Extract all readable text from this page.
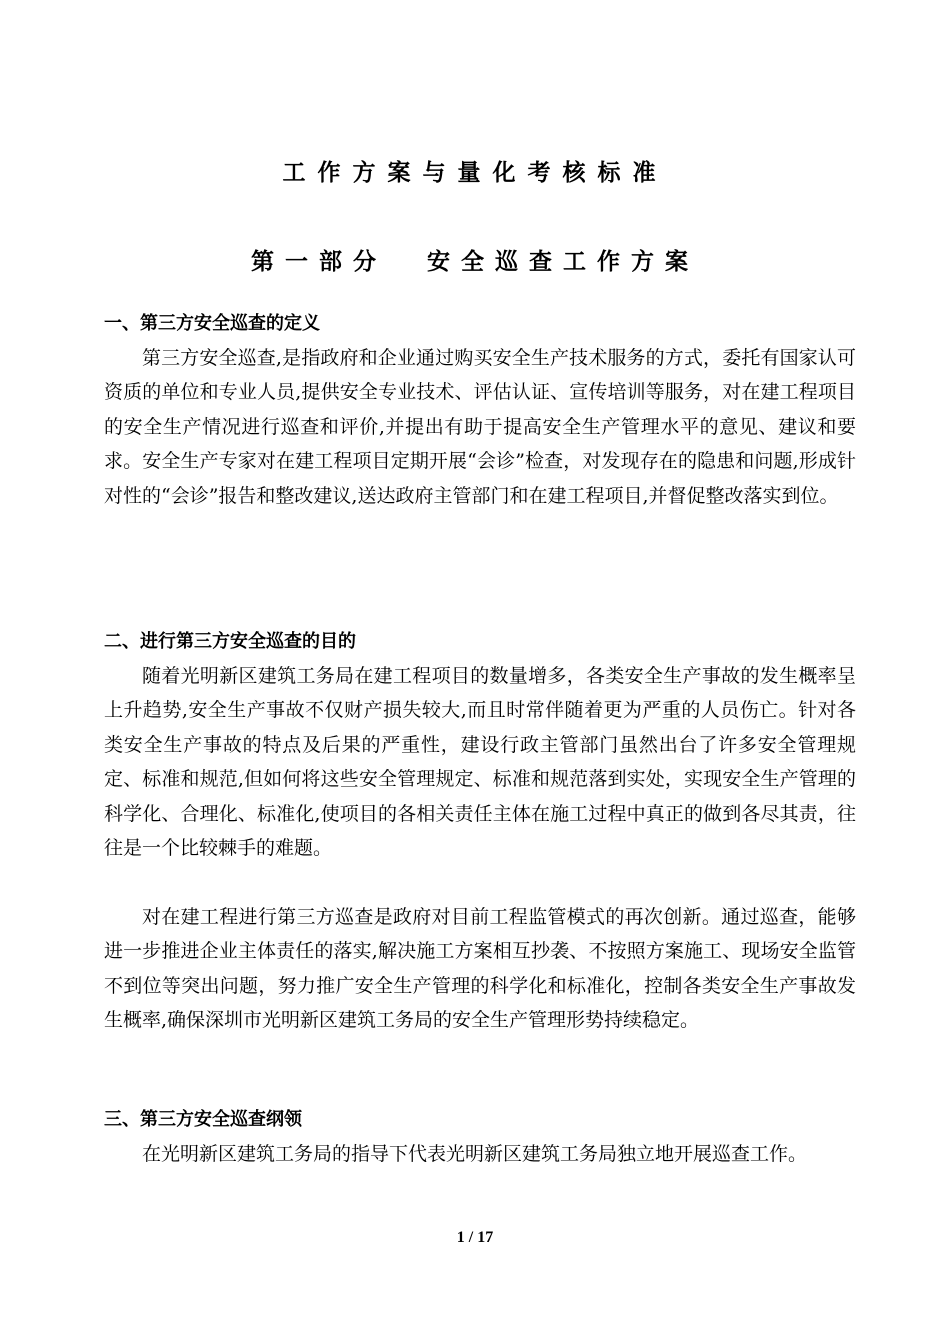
工作方案与量化考核标准
第一部分 安全巡查工作方案
一、第三方安全巡查的定义

第三方安全巡查,是指政府和企业通过购买安全生产技术服务的方式，委托有国家认可资质的单位和专业人员,提供安全专业技术、评估认证、宣传培训等服务，对在建工程项目的安全生产情况进行巡查和评价,并提出有助于提高安全生产管理水平的意见、建议和要求。安全生产专家对在建工程项目定期开展“会诊”检查，对发现存在的隐患和问题,形成针对性的“会诊”报告和整改建议,送达政府主管部门和在建工程项目,并督促整改落实到位。

二、进行第三方安全巡查的目的

随着光明新区建筑工务局在建工程项目的数量增多，各类安全生产事故的发生概率呈上升趋势,安全生产事故不仅财产损失较大,而且时常伴随着更为严重的人员伤亡。针对各类安全生产事故的特点及后果的严重性，建设行政主管部门虽然出台了许多安全管理规定、标准和规范,但如何将这些安全管理规定、标准和规范落到实处，实现安全生产管理的科学化、合理化、标准化,使项目的各相关责任主体在施工过程中真正的做到各尽其责，往往是一个比较棘手的难题。

对在建工程进行第三方巡查是政府对目前工程监管模式的再次创新。通过巡查，能够进一步推进企业主体责任的落实,解决施工方案相互抄袭、不按照方案施工、现场安全监管不到位等突出问题，努力推广安全生产管理的科学化和标准化，控制各类安全生产事故发生概率,确保深圳市光明新区建筑工务局的安全生产管理形势持续稳定。

三、第三方安全巡查纲领

在光明新区建筑工务局的指导下代表光明新区建筑工务局独立地开展巡查工作。

1 / 17
